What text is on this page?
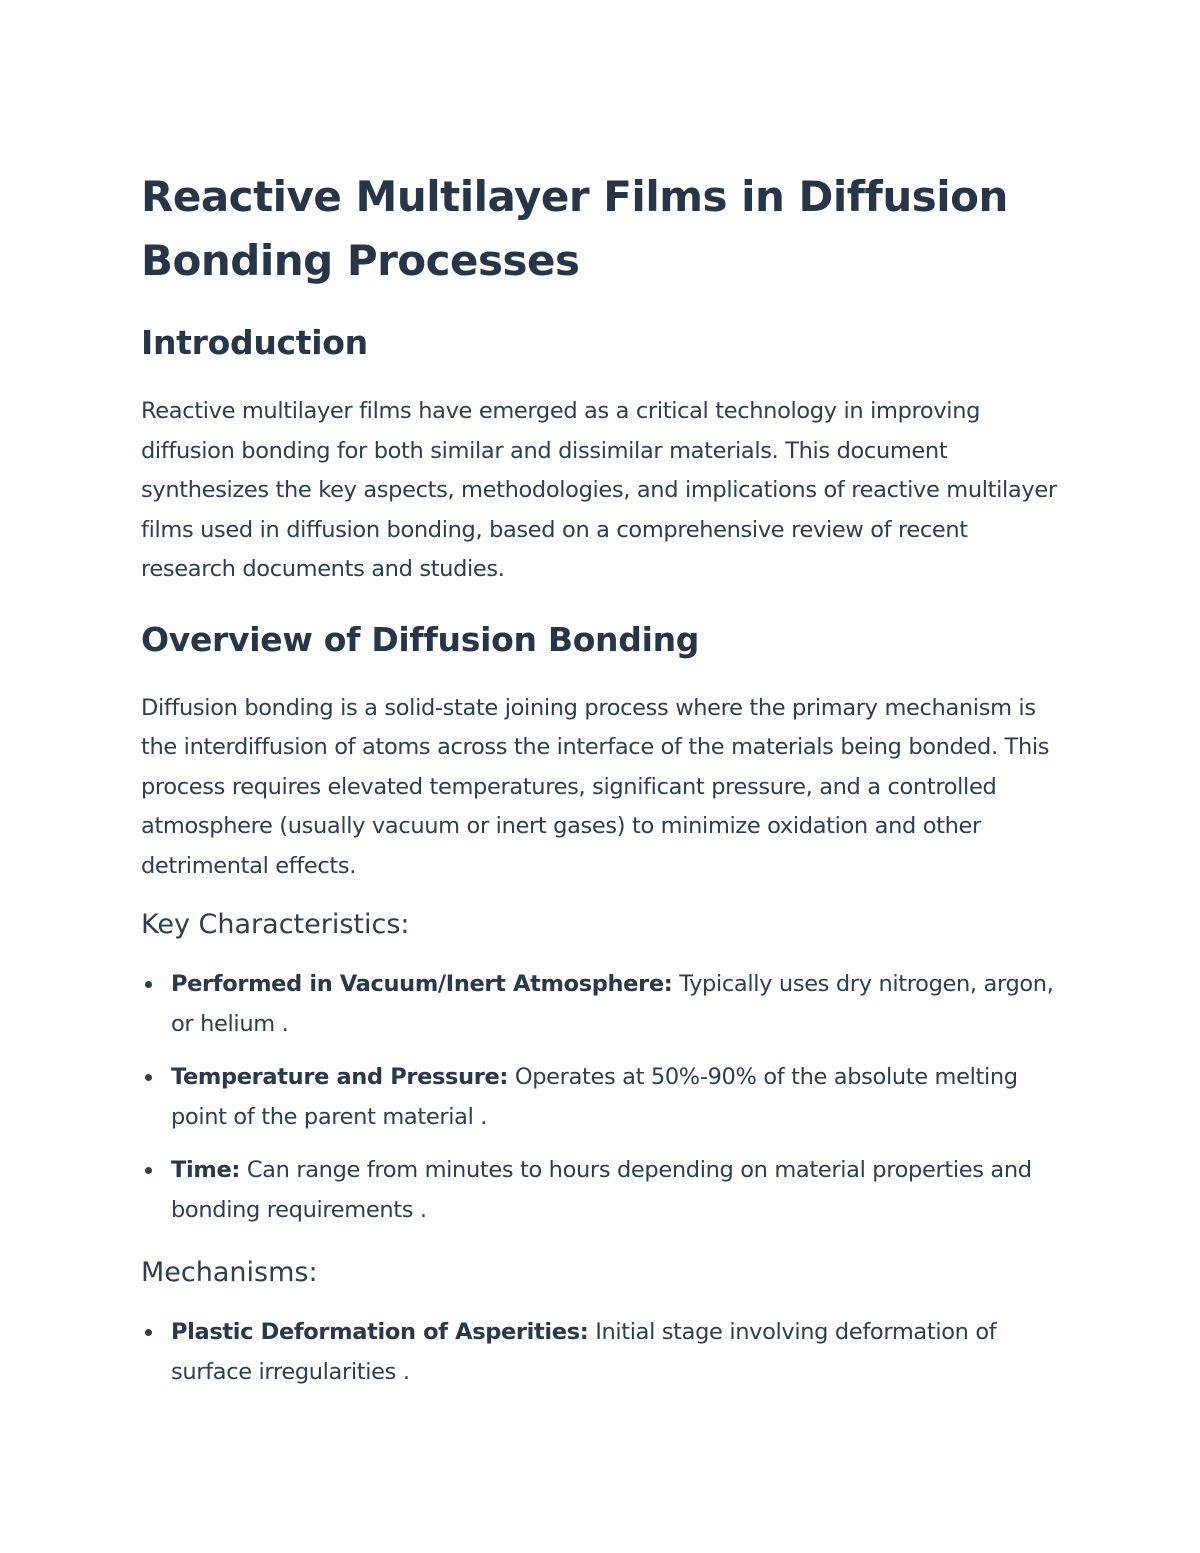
Reactive Multilayer Films in Diffusion Bonding Processes
Introduction

Reactive multilayer films have emerged as a critical technology in improving diffusion bonding for both similar and dissimilar materials. This document synthesizes the key aspects, methodologies, and implications of reactive multilayer films used in diffusion bonding, based on a comprehensive review of recent research documents and studies.

Overview of Diffusion Bonding

Diffusion bonding is a solid-state joining process where the primary mechanism is the interdiffusion of atoms across the interface of the materials being bonded. This process requires elevated temperatures, significant pressure, and a controlled atmosphere (usually vacuum or inert gases) to minimize oxidation and other detrimental effects.

Key Characteristics:
Performed in Vacuum/Inert Atmosphere: Typically uses dry nitrogen, argon, or helium .
Temperature and Pressure: Operates at 50%-90% of the absolute melting point of the parent material .
Time: Can range from minutes to hours depending on material properties and bonding requirements .
Mechanisms:
Plastic Deformation of Asperities: Initial stage involving deformation of surface irregularities .
